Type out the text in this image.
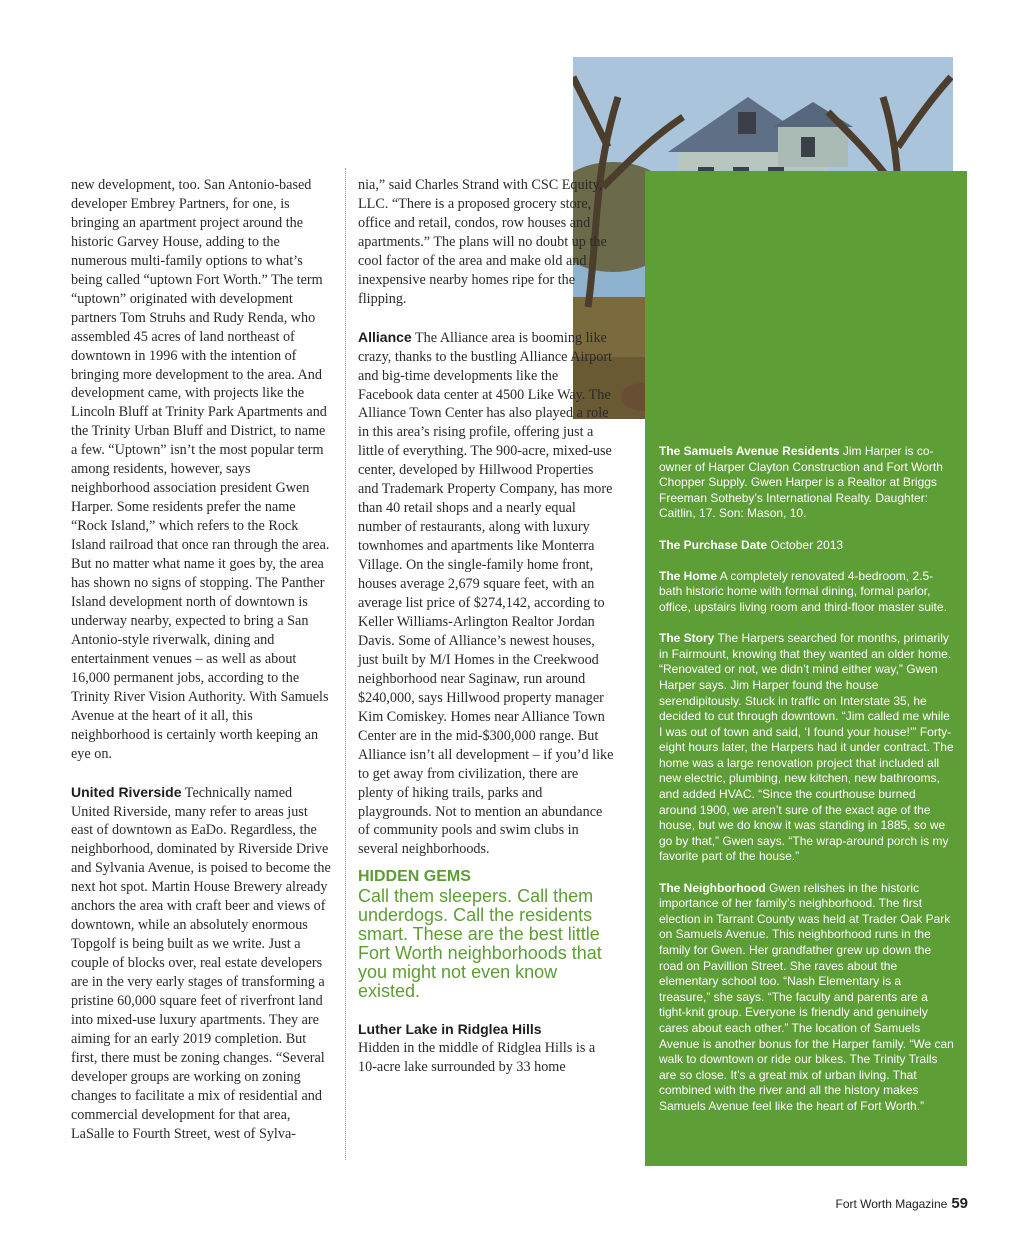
new development, too. San Antonio-based developer Embrey Partners, for one, is bringing an apartment project around the historic Garvey House, adding to the numerous multi-family options to what’s being called “uptown Fort Worth.” The term “uptown” originated with development partners Tom Struhs and Rudy Renda, who assembled 45 acres of land northeast of downtown in 1996 with the intention of bringing more development to the area. And development came, with projects like the Lincoln Bluff at Trinity Park Apartments and the Trinity Urban Bluff and District, to name a few. “Uptown” isn’t the most popular term among residents, however, says neighborhood association president Gwen Harper. Some residents prefer the name “Rock Island,” which refers to the Rock Island railroad that once ran through the area. But no matter what name it goes by, the area has shown no signs of stopping. The Panther Island development north of downtown is underway nearby, expected to bring a San Antonio-style riverwalk, dining and entertainment venues – as well as about 16,000 permanent jobs, according to the Trinity River Vision Authority. With Samuels Avenue at the heart of it all, this neighborhood is certainly worth keeping an eye on.

United Riverside Technically named United Riverside, many refer to areas just east of downtown as EaDo. Regardless, the neighborhood, dominated by Riverside Drive and Sylvania Avenue, is poised to become the next hot spot. Martin House Brewery already anchors the area with craft beer and views of downtown, while an absolutely enormous Topgolf is being built as we write. Just a couple of blocks over, real estate developers are in the very early stages of transforming a pristine 60,000 square feet of riverfront land into mixed-use luxury apartments. They are aiming for an early 2019 completion. But first, there must be zoning changes. “Several developer groups are working on zoning changes to facilitate a mix of residential and commercial development for that area, LaSalle to Fourth Street, west of Sylva-

nia,” said Charles Strand with CSC Equity, LLC. “There is a proposed grocery store, office and retail, condos, row houses and apartments.” The plans will no doubt up the cool factor of the area and make old and inexpensive nearby homes ripe for the flipping.

Alliance The Alliance area is booming like crazy, thanks to the bustling Alliance Airport and big-time developments like the Facebook data center at 4500 Like Way. The Alliance Town Center has also played a role in this area’s rising profile, offering just a little of everything. The 900-acre, mixed-use center, developed by Hillwood Properties and Trademark Property Company, has more than 40 retail shops and a nearly equal number of restaurants, along with luxury townhomes and apartments like Monterra Village. On the single-family home front, houses average 2,679 square feet, with an average list price of $274,142, according to Keller Williams-Arlington Realtor Jordan Davis. Some of Alliance’s newest houses, just built by M/I Homes in the Creekwood neighborhood near Saginaw, run around $240,000, says Hillwood property manager Kim Comiskey. Homes near Alliance Town Center are in the mid-$300,000 range. But Alliance isn’t all development – if you’d like to get away from civilization, there are plenty of hiking trails, parks and playgrounds. Not to mention an abundance of community pools and swim clubs in several neighborhoods.

HIDDEN GEMS
Call them sleepers. Call them underdogs. Call the residents smart. These are the best little Fort Worth neighborhoods that you might not even know existed.
Luther Lake in Ridglea Hills

Hidden in the middle of Ridglea Hills is a 10-acre lake surrounded by 33 home

The Samuels Avenue Residents Jim Harper is co-owner of Harper Clayton Construction and Fort Worth Chopper Supply. Gwen Harper is a Realtor at Briggs Freeman Sotheby’s International Realty. Daughter: Caitlin, 17. Son: Mason, 10.

The Purchase Date October 2013

The Home A completely renovated 4-bedroom, 2.5-bath historic home with formal dining, formal parlor, office, upstairs living room and third-floor master suite.

The Story The Harpers searched for months, primarily in Fairmount, knowing that they wanted an older home. “Renovated or not, we didn’t mind either way,” Gwen Harper says. Jim Harper found the house serendipitously. Stuck in traffic on Interstate 35, he decided to cut through downtown. “Jim called me while I was out of town and said, ‘I found your house!’” Forty-eight hours later, the Harpers had it under contract. The home was a large renovation project that included all new electric, plumbing, new kitchen, new bathrooms, and added HVAC. “Since the courthouse burned around 1900, we aren’t sure of the exact age of the house, but we do know it was standing in 1885, so we go by that,” Gwen says. “The wrap-around porch is my favorite part of the house.”

The Neighborhood Gwen relishes in the historic importance of her family’s neighborhood. The first election in Tarrant County was held at Trader Oak Park on Samuels Avenue. This neighborhood runs in the family for Gwen. Her grandfather grew up down the road on Pavillion Street. She raves about the elementary school too. “Nash Elementary is a treasure,” she says. “The faculty and parents are a tight-knit group. Everyone is friendly and genuinely cares about each other.” The location of Samuels Avenue is another bonus for the Harper family. “We can walk to downtown or ride our bikes. The Trinity Trails are so close. It’s a great mix of urban living. That combined with the river and all the history makes Samuels Avenue feel like the heart of Fort Worth.”

Fort Worth Magazine 59
